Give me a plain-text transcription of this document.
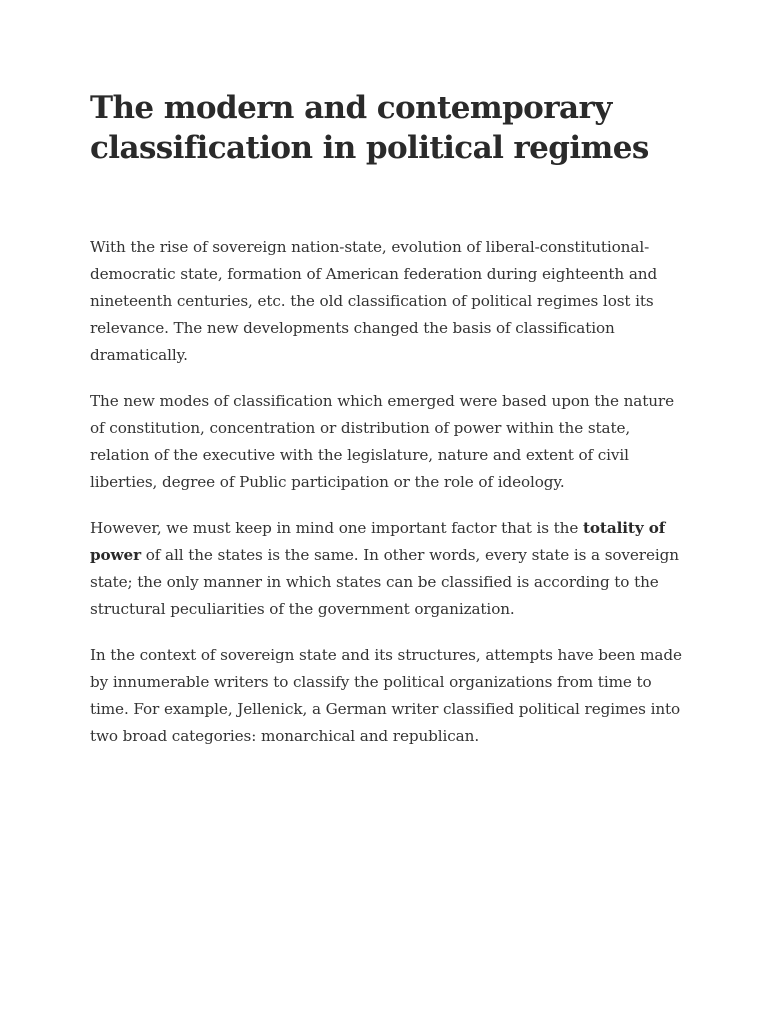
The modern and contemporary classification in political regimes

With the rise of sovereign nation-state, evolution of liberal-constitutional- democratic state, formation of American federation during eighteenth and nineteenth centuries, etc. the old classification of political regimes lost its relevance. The new developments changed the basis of classification dramatically.

The new modes of classification which emerged were based upon the nature of constitution, concentration or distribution of power within the state, relation of the executive with the legislature, nature and extent of civil liberties, degree of Public participation or the role of ideology.

However, we must keep in mind one important factor that is the totality of power of all the states is the same. In other words, every state is a sovereign state; the only manner in which states can be classified is according to the structural peculiarities of the government organization.

In the context of sovereign state and its structures, attempts have been made by innumerable writers to classify the political organizations from time to time. For example, Jellenick, a German writer classified political regimes into two broad categories: monarchical and republican.
